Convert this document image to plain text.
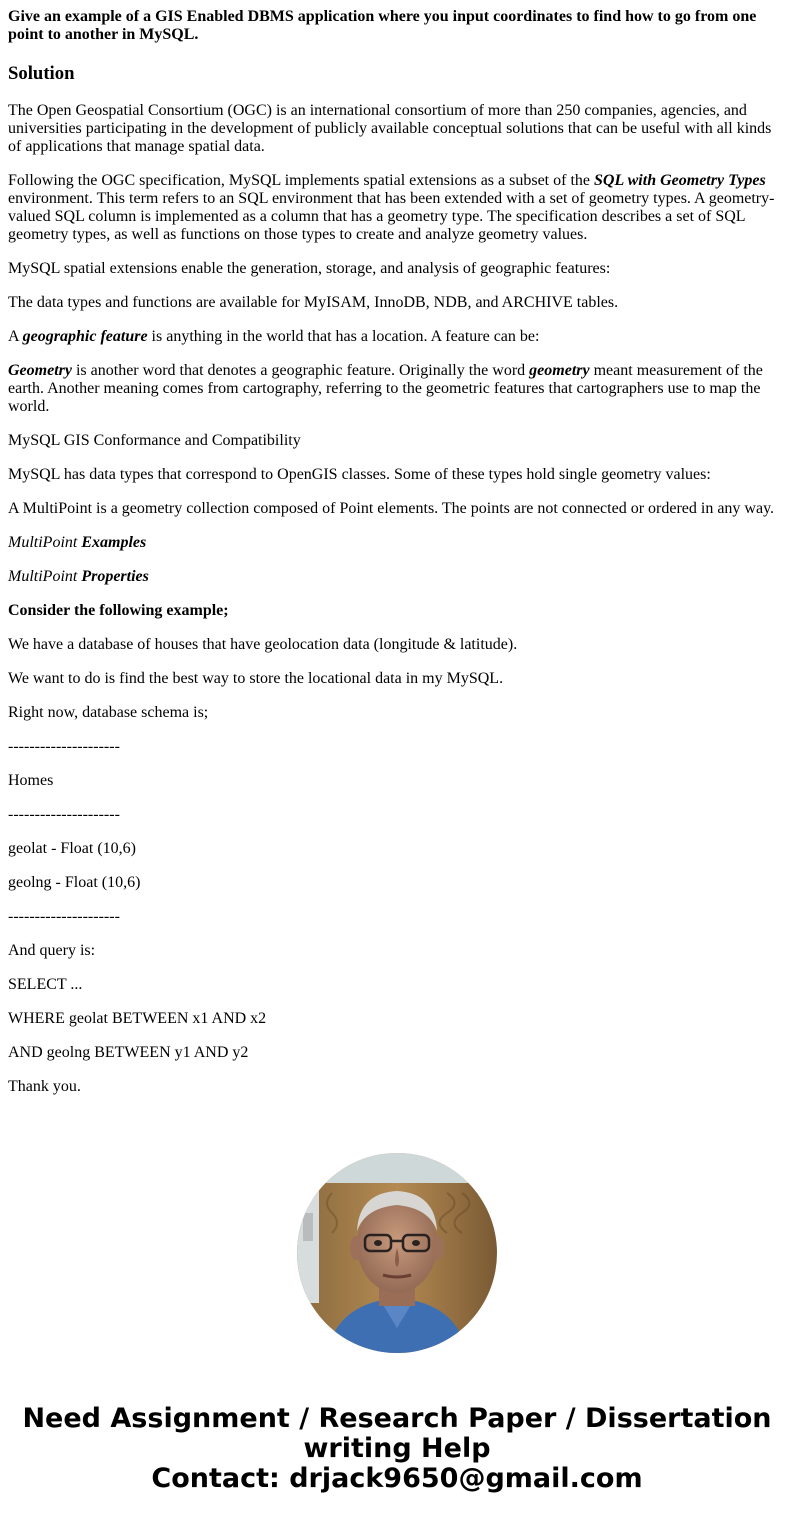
Give an example of a GIS Enabled DBMS application where you input coordinates to find how to go from one point to another in MySQL.
Solution

The Open Geospatial Consortium (OGC) is an international consortium of more than 250 companies, agencies, and universities participating in the development of publicly available conceptual solutions that can be useful with all kinds of applications that manage spatial data.

Following the OGC specification, MySQL implements spatial extensions as a subset of the SQL with Geometry Types environment. This term refers to an SQL environment that has been extended with a set of geometry types. A geometry-valued SQL column is implemented as a column that has a geometry type. The specification describes a set of SQL geometry types, as well as functions on those types to create and analyze geometry values.

MySQL spatial extensions enable the generation, storage, and analysis of geographic features:

The data types and functions are available for MyISAM, InnoDB, NDB, and ARCHIVE tables.

A geographic feature is anything in the world that has a location. A feature can be:

Geometry is another word that denotes a geographic feature. Originally the word geometry meant measurement of the earth. Another meaning comes from cartography, referring to the geometric features that cartographers use to map the world.

MySQL GIS Conformance and Compatibility

MySQL has data types that correspond to OpenGIS classes. Some of these types hold single geometry values:

A MultiPoint is a geometry collection composed of Point elements. The points are not connected or ordered in any way.

MultiPoint Examples

MultiPoint Properties

Consider the following example;

We have a database of houses that have geolocation data (longitude & latitude).

We want to do is find the best way to store the locational data in my MySQL.

Right now, database schema is;

---------------------

Homes

---------------------

geolat - Float (10,6)

geolng - Float (10,6)

---------------------

And query is:

SELECT ...

WHERE geolat BETWEEN x1 AND x2

AND geolng BETWEEN y1 AND y2

Thank you.

Need Assignment / Research Paper / Dissertation
writing Help
Contact: drjack9650@gmail.com
